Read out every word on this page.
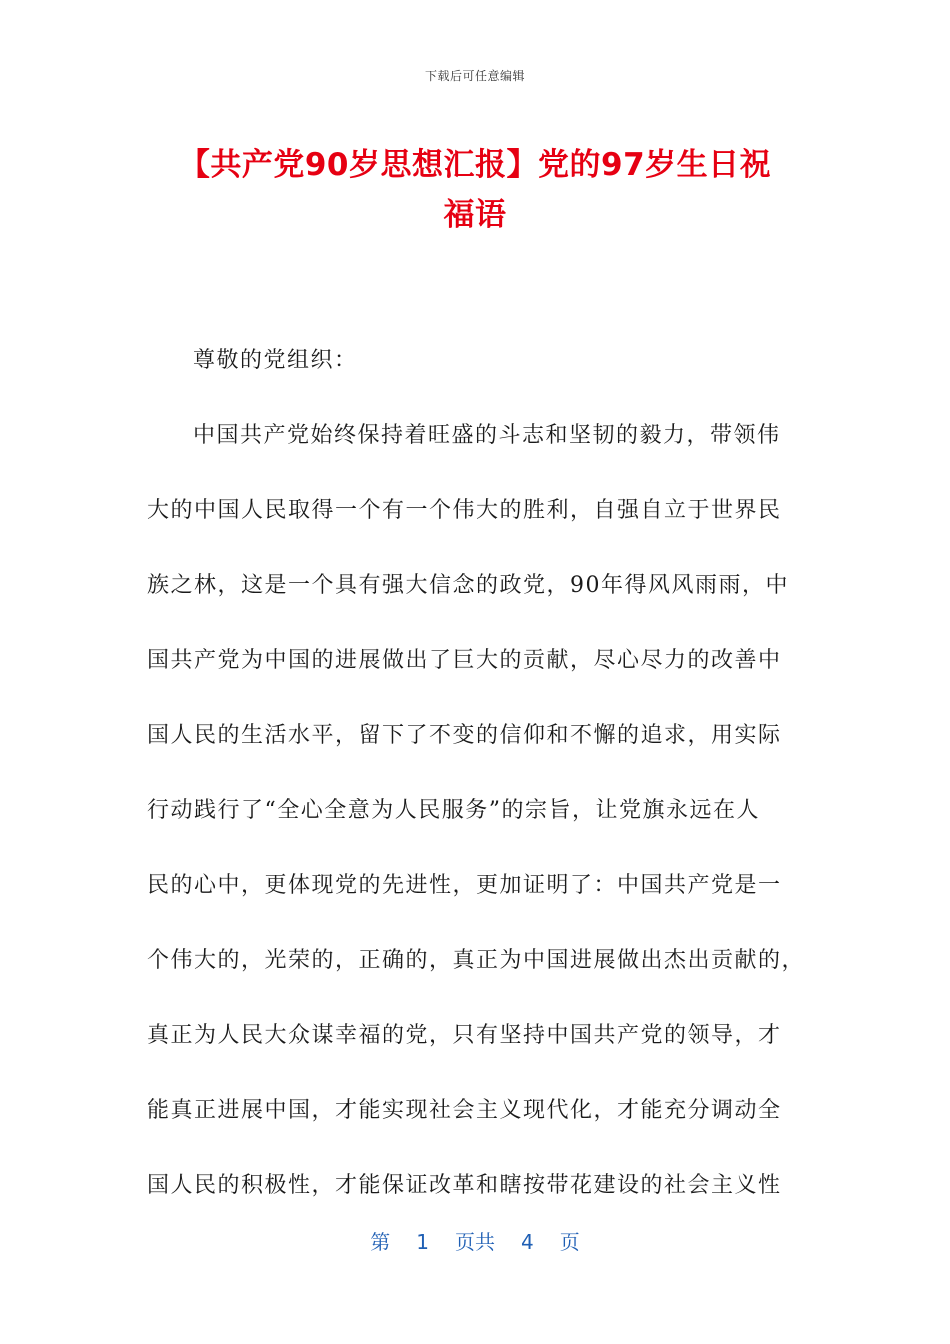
下载后可任意编辑
【共产党90岁思想汇报】党的97岁生日祝
福语
尊敬的党组织：
中国共产党始终保持着旺盛的斗志和坚韧的毅力，带领伟
大的中国人民取得一个有一个伟大的胜利，自强自立于世界民
族之林，这是一个具有强大信念的政党，90年得风风雨雨，中
国共产党为中国的进展做出了巨大的贡献，尽心尽力的改善中
国人民的生活水平，留下了不变的信仰和不懈的追求，用实际
行动践行了“全心全意为人民服务”的宗旨，让党旗永远在人
民的心中，更体现党的先进性，更加证明了：中国共产党是一
个伟大的，光荣的，正确的，真正为中国进展做出杰出贡献的，
真正为人民大众谋幸福的党，只有坚持中国共产党的领导，才
能真正进展中国，才能实现社会主义现代化，才能充分调动全
国人民的积极性，才能保证改革和瞎按带花建设的社会主义性
第 1 页共 4 页
